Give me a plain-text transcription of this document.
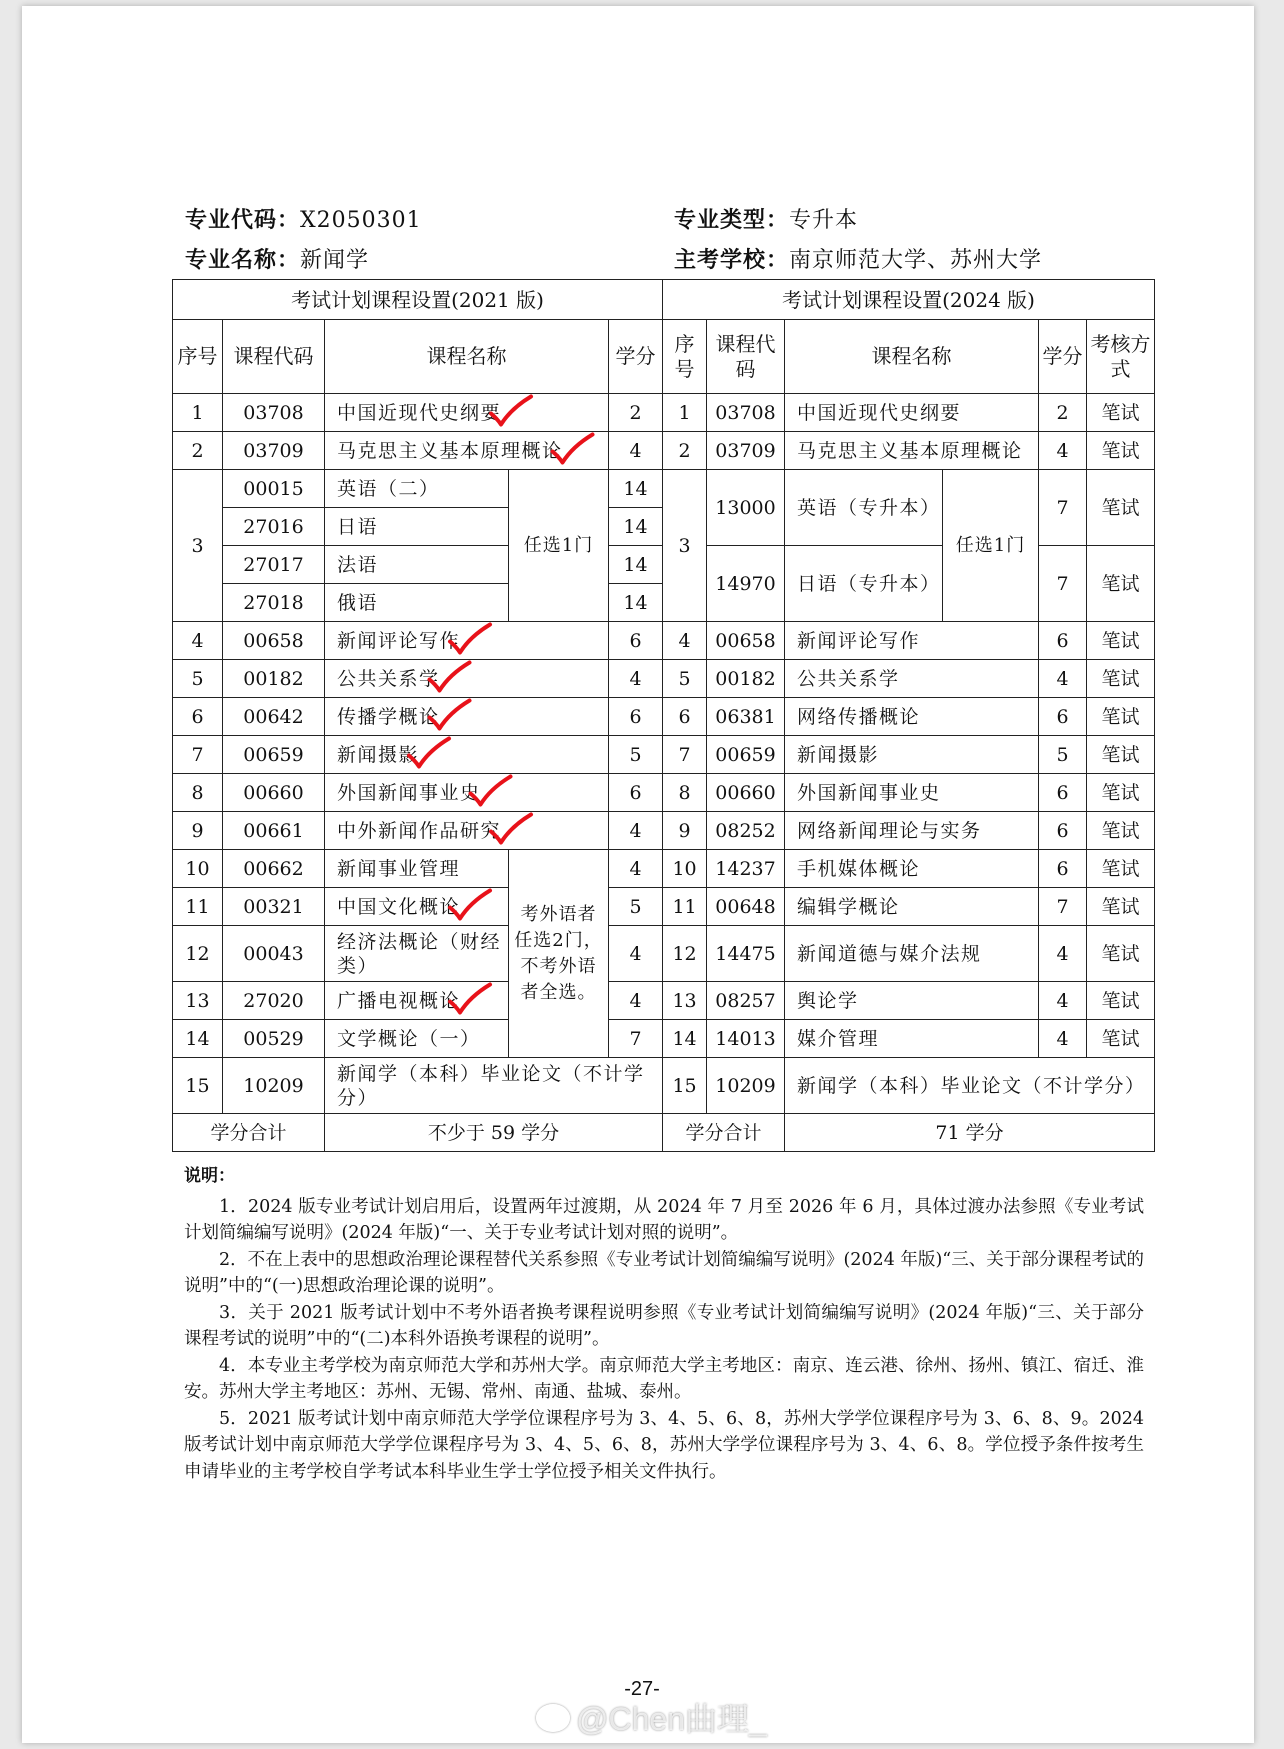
专业代码：X2050301	专业类型：专升本
专业名称：新闻学	主考学校：南京师范大学、苏州大学
考试计划课程设置(2021 版)					考试计划课程设置(2024 版)					
序号	课程代码	课程名称		学分	序号	课程代码	课程名称		学分	考核方式
1	03708	中国近现代史纲要		2	1	03708	中国近现代史纲要		2	笔试
2	03709	马克思主义基本原理概论		4	2	03709	马克思主义基本原理概论		4	笔试
3	00015	英语（二）	任选1门	14	3	13000	英语（专升本）	任选1门	7	笔试
	27016	日语		14						
	27017	法语		14		14970	日语（专升本）		7	笔试
	27018	俄语		14						
4	00658	新闻评论写作		6	4	00658	新闻评论写作		6	笔试
5	00182	公共关系学		4	5	00182	公共关系学		4	笔试
6	00642	传播学概论		6	6	06381	网络传播概论		6	笔试
7	00659	新闻摄影		5	7	00659	新闻摄影		5	笔试
8	00660	外国新闻事业史		6	8	00660	外国新闻事业史		6	笔试
9	00661	中外新闻作品研究		4	9	08252	网络新闻理论与实务		6	笔试
10	00662	新闻事业管理	考外语者任选2门，不考外语者全选。	4	10	14237	手机媒体概论		6	笔试
11	00321	中国文化概论		5	11	00648	编辑学概论		7	笔试
12	00043	经济法概论（财经类）		4	12	14475	新闻道德与媒介法规		4	笔试
13	27020	广播电视概论		4	13	08257	舆论学		4	笔试
14	00529	文学概论（一）		7	14	14013	媒介管理		4	笔试
15	10209	新闻学（本科）毕业论文（不计学分）			15	10209	新闻学（本科）毕业论文（不计学分）			
学分合计		不少于 59 学分			学分合计		71 学分			
说明：

1．2024 版专业考试计划启用后，设置两年过渡期，从 2024 年 7 月至 2026 年 6 月，具体过渡办法参照《专业考试计划简编编写说明》(2024 年版)“一、关于专业考试计划对照的说明”。

2．不在上表中的思想政治理论课程替代关系参照《专业考试计划简编编写说明》(2024 年版)“三、关于部分课程考试的说明”中的“(一)思想政治理论课的说明”。

3．关于 2021 版考试计划中不考外语者换考课程说明参照《专业考试计划简编编写说明》(2024 年版)“三、关于部分课程考试的说明”中的“(二)本科外语换考课程的说明”。

4．本专业主考学校为南京师范大学和苏州大学。南京师范大学主考地区：南京、连云港、徐州、扬州、镇江、宿迁、淮安。苏州大学主考地区：苏州、无锡、常州、南通、盐城、泰州。

5．2021 版考试计划中南京师范大学学位课程序号为 3、4、5、6、8，苏州大学学位课程序号为 3、6、8、9。2024 版考试计划中南京师范大学学位课程序号为 3、4、5、6、8，苏州大学学位课程序号为 3、4、6、8。学位授予条件按考生申请毕业的主考学校自学考试本科毕业生学士学位授予相关文件执行。

-27-
@Chen曲理_
